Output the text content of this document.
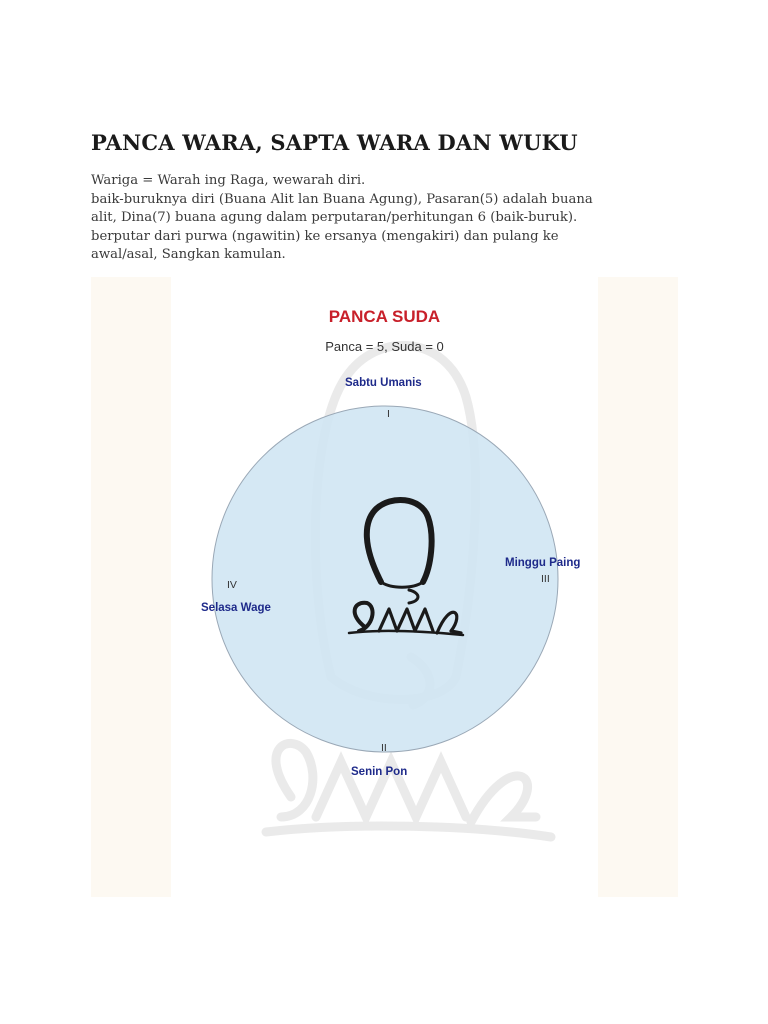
PANCA WARA, SAPTA WARA DAN WUKU
Wariga = Warah ing Raga, wewarah diri.
baik-buruknya diri (Buana Alit lan Buana Agung), Pasaran(5) adalah buana
alit, Dina(7) buana agung dalam perputaran/perhitungan 6 (baik-buruk).
berputar dari purwa (ngawitin) ke ersanya (mengakiri) dan pulang ke
awal/asal, Sangkan kamulan.
PANCA SUDA
Panca = 5, Suda = 0
Sabtu Umanis
I
Minggu Paing
III
IV
Selasa Wage
II
Senin Pon
